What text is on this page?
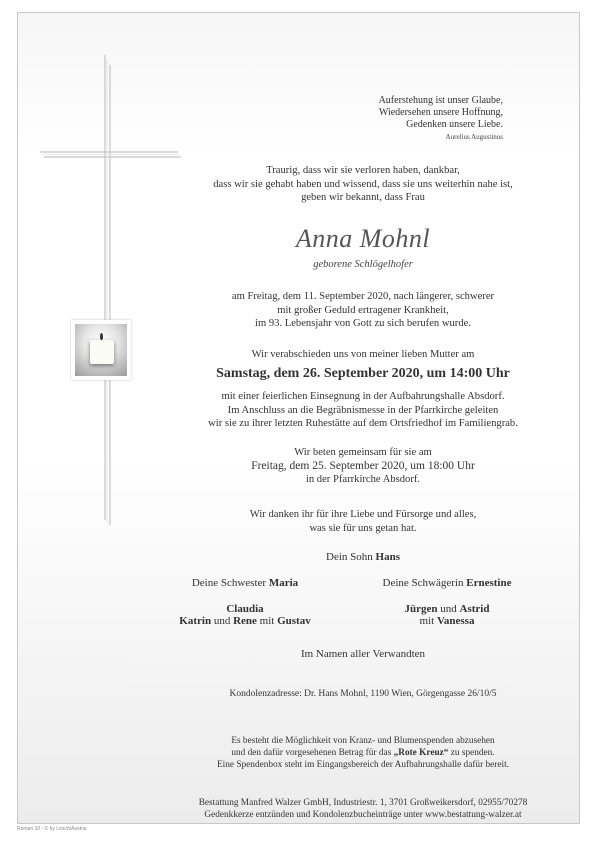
Auferstehung ist unser Glaube,
Wiedersehen unsere Hoffnung,
Gedenken unsere Liebe.
Aurelius Augustinus
Traurig, dass wir sie verloren haben, dankbar,
dass wir sie gehabt haben und wissend, dass sie uns weiterhin nahe ist,
geben wir bekannt, dass Frau
Anna Mohnl
geborene Schlögelhofer
am Freitag, dem 11. September 2020, nach längerer, schwerer
mit großer Geduld ertragener Krankheit,
im 93. Lebensjahr von Gott zu sich berufen wurde.
Wir verabschieden uns von meiner lieben Mutter am
Samstag, dem 26. September 2020, um 14:00 Uhr
mit einer feierlichen Einsegnung in der Aufbahrungshalle Absdorf.
Im Anschluss an die Begräbnismesse in der Pfarrkirche geleiten
wir sie zu ihrer letzten Ruhestätte auf dem Ortsfriedhof im Familiengrab.
Wir beten gemeinsam für sie am
Freitag, dem 25. September 2020, um 18:00 Uhr
in der Pfarrkirche Absdorf.
Wir danken ihr für ihre Liebe und Fürsorge und alles,
was sie für uns getan hat.
Dein Sohn Hans
Deine Schwester Maria	Deine Schwägerin Ernestine
Claudia
Katrin und Rene mit Gustav
Jürgen und Astrid
mit Vanessa
Im Namen aller Verwandten
Kondolenzadresse: Dr. Hans Mohnl, 1190 Wien, Görgengasse 26/10/5
Es besteht die Möglichkeit von Kranz- und Blumenspenden abzusehen
und den dafür vorgesehenen Betrag für das „Rote Kreuz“ zu spenden.
Eine Spendenbox steht im Eingangsbereich der Aufbahrungshalle dafür bereit.
Bestattung Manfred Walzer GmbH, Industriestr. 1, 3701 Großweikersdorf, 02955/70278
Gedenkkerze entzünden und Kondolenzbucheinträge unter www.bestattung-walzer.at
Roman 10 - © by Lösch/Austria
